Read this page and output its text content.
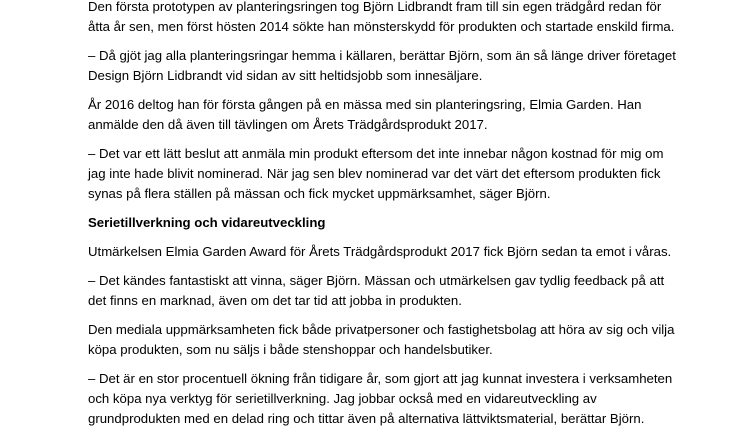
Den första prototypen av planteringsringen tog Björn Lidbrandt fram till sin egen trädgård redan för
åtta år sen, men först hösten 2014 sökte han mönsterskydd för produkten och startade enskild firma.

– Då gjöt jag alla planteringsringar hemma i källaren, berättar Björn, som än så länge driver företaget
Design Björn Lidbrandt vid sidan av sitt heltidsjobb som innesäljare.

År 2016 deltog han för första gången på en mässa med sin planteringsring, Elmia Garden. Han
anmälde den då även till tävlingen om Årets Trädgårdsprodukt 2017.

– Det var ett lätt beslut att anmäla min produkt eftersom det inte innebar någon kostnad för mig om
jag inte hade blivit nominerad. När jag sen blev nominerad var det värt det eftersom produkten fick
synas på flera ställen på mässan och fick mycket uppmärksamhet, säger Björn.

Serietillverkning och vidareutveckling

Utmärkelsen Elmia Garden Award för Årets Trädgårdsprodukt 2017 fick Björn sedan ta emot i våras.

– Det kändes fantastiskt att vinna, säger Björn. Mässan och utmärkelsen gav tydlig feedback på att
det finns en marknad, även om det tar tid att jobba in produkten.

Den mediala uppmärksamheten fick både privatpersoner och fastighetsbolag att höra av sig och vilja
köpa produkten, som nu säljs i både stenshoppar och handelsbutiker.

– Det är en stor procentuell ökning från tidigare år, som gjort att jag kunnat investera i verksamheten
och köpa nya verktyg för serietillverkning. Jag jobbar också med en vidareutveckling av
grundprodukten med en delad ring och tittar även på alternativa lättviktsmaterial, berättar Björn.
